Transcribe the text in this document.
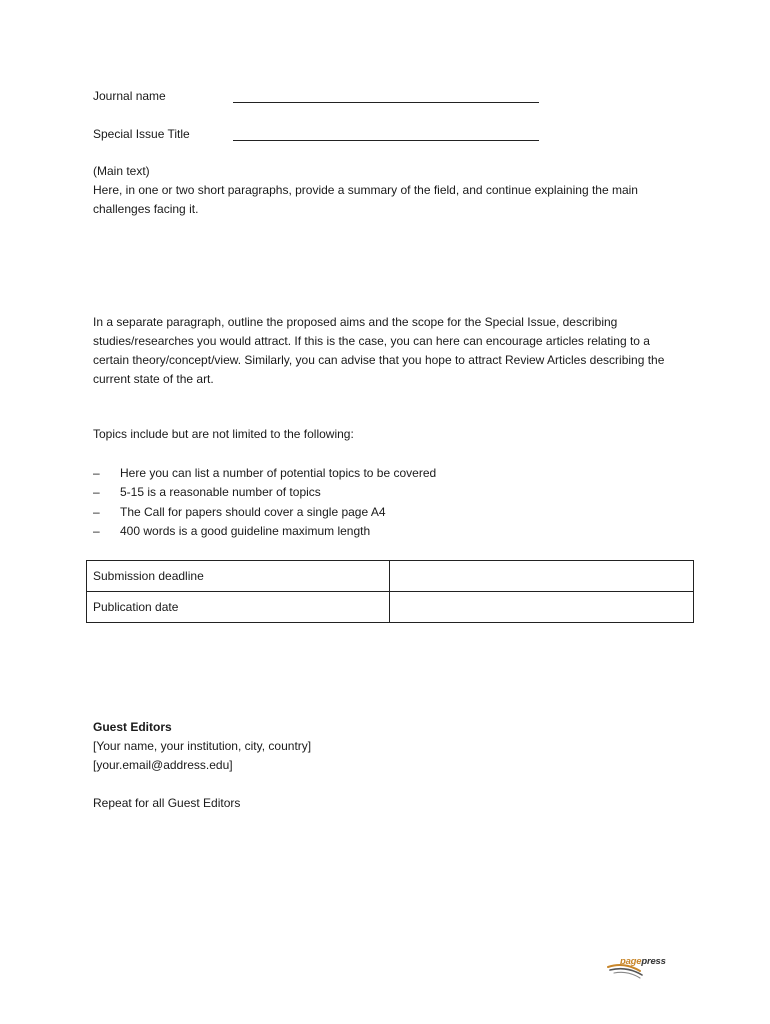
Journal name
Special Issue Title
(Main text)
Here, in one or two short paragraphs, provide a summary of the field, and continue explaining the main challenges facing it.
In a separate paragraph, outline the proposed aims and the scope for the Special Issue, describing studies/researches you would attract. If this is the case, you can here can encourage articles relating to a certain theory/concept/view. Similarly, you can advise that you hope to attract Review Articles describing the current state of the art.
Topics include but are not limited to the following:
– Here you can list a number of potential topics to be covered
– 5-15 is a reasonable number of topics
– The Call for papers should cover a single page A4
– 400 words is a good guideline maximum length
Submission deadline	
Publication date	
Guest Editors
[Your name, your institution, city, country]
[your.email@address.edu]
Repeat for all Guest Editors
pagepress
